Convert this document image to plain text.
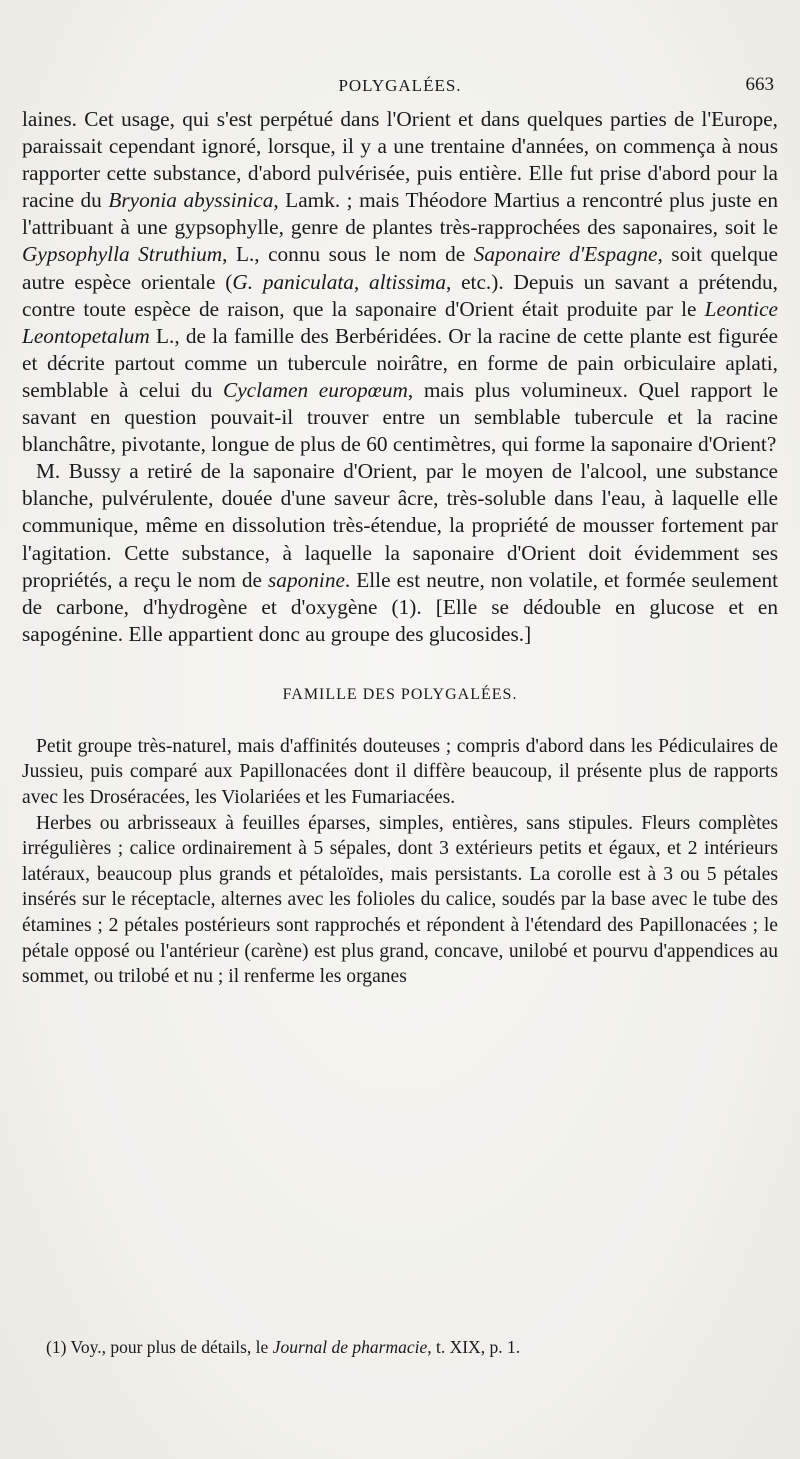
POLYGALÉES.	663

laines. Cet usage, qui s'est perpétué dans l'Orient et dans quelques parties de l'Europe, paraissait cependant ignoré, lorsque, il y a une trentaine d'années, on commença à nous rapporter cette substance, d'abord pulvérisée, puis entière. Elle fut prise d'abord pour la racine du Bryonia abyssinica, Lamk. ; mais Théodore Martius a rencontré plus juste en l'attribuant à une gypsophylle, genre de plantes très-rapprochées des saponaires, soit le Gypsophylla Struthium, L., connu sous le nom de Saponaire d'Espagne, soit quelque autre espèce orientale (G. paniculata, altissima, etc.). Depuis un savant a prétendu, contre toute espèce de raison, que la saponaire d'Orient était produite par le Leontice Leontopetalum L., de la famille des Berbéridées. Or la racine de cette plante est figurée et décrite partout comme un tubercule noirâtre, en forme de pain orbiculaire aplati, semblable à celui du Cyclamen europœum, mais plus volumineux. Quel rapport le savant en question pouvait-il trouver entre un semblable tubercule et la racine blanchâtre, pivotante, longue de plus de 60 centimètres, qui forme la saponaire d'Orient?

M. Bussy a retiré de la saponaire d'Orient, par le moyen de l'alcool, une substance blanche, pulvérulente, douée d'une saveur âcre, très-soluble dans l'eau, à laquelle elle communique, même en dissolution très-étendue, la propriété de mousser fortement par l'agitation. Cette substance, à laquelle la saponaire d'Orient doit évidemment ses propriétés, a reçu le nom de saponine. Elle est neutre, non volatile, et formée seulement de carbone, d'hydrogène et d'oxygène (1). [Elle se dédouble en glucose et en sapogénine. Elle appartient donc au groupe des glucosides.]

FAMILLE DES POLYGALÉES.

Petit groupe très-naturel, mais d'affinités douteuses ; compris d'abord dans les Pédiculaires de Jussieu, puis comparé aux Papillonacées dont il diffère beaucoup, il présente plus de rapports avec les Droséracées, les Violariées et les Fumariacées.

Herbes ou arbrisseaux à feuilles éparses, simples, entières, sans stipules. Fleurs complètes irrégulières ; calice ordinairement à 5 sépales, dont 3 extérieurs petits et égaux, et 2 intérieurs latéraux, beaucoup plus grands et pétaloïdes, mais persistants. La corolle est à 3 ou 5 pétales insérés sur le réceptacle, alternes avec les folioles du calice, soudés par la base avec le tube des étamines ; 2 pétales postérieurs sont rapprochés et répondent à l'étendard des Papillonacées ; le pétale opposé ou l'antérieur (carène) est plus grand, concave, unilobé et pourvu d'appendices au sommet, ou trilobé et nu ; il renferme les organes

(1) Voy., pour plus de détails, le Journal de pharmacie, t. XIX, p. 1.
